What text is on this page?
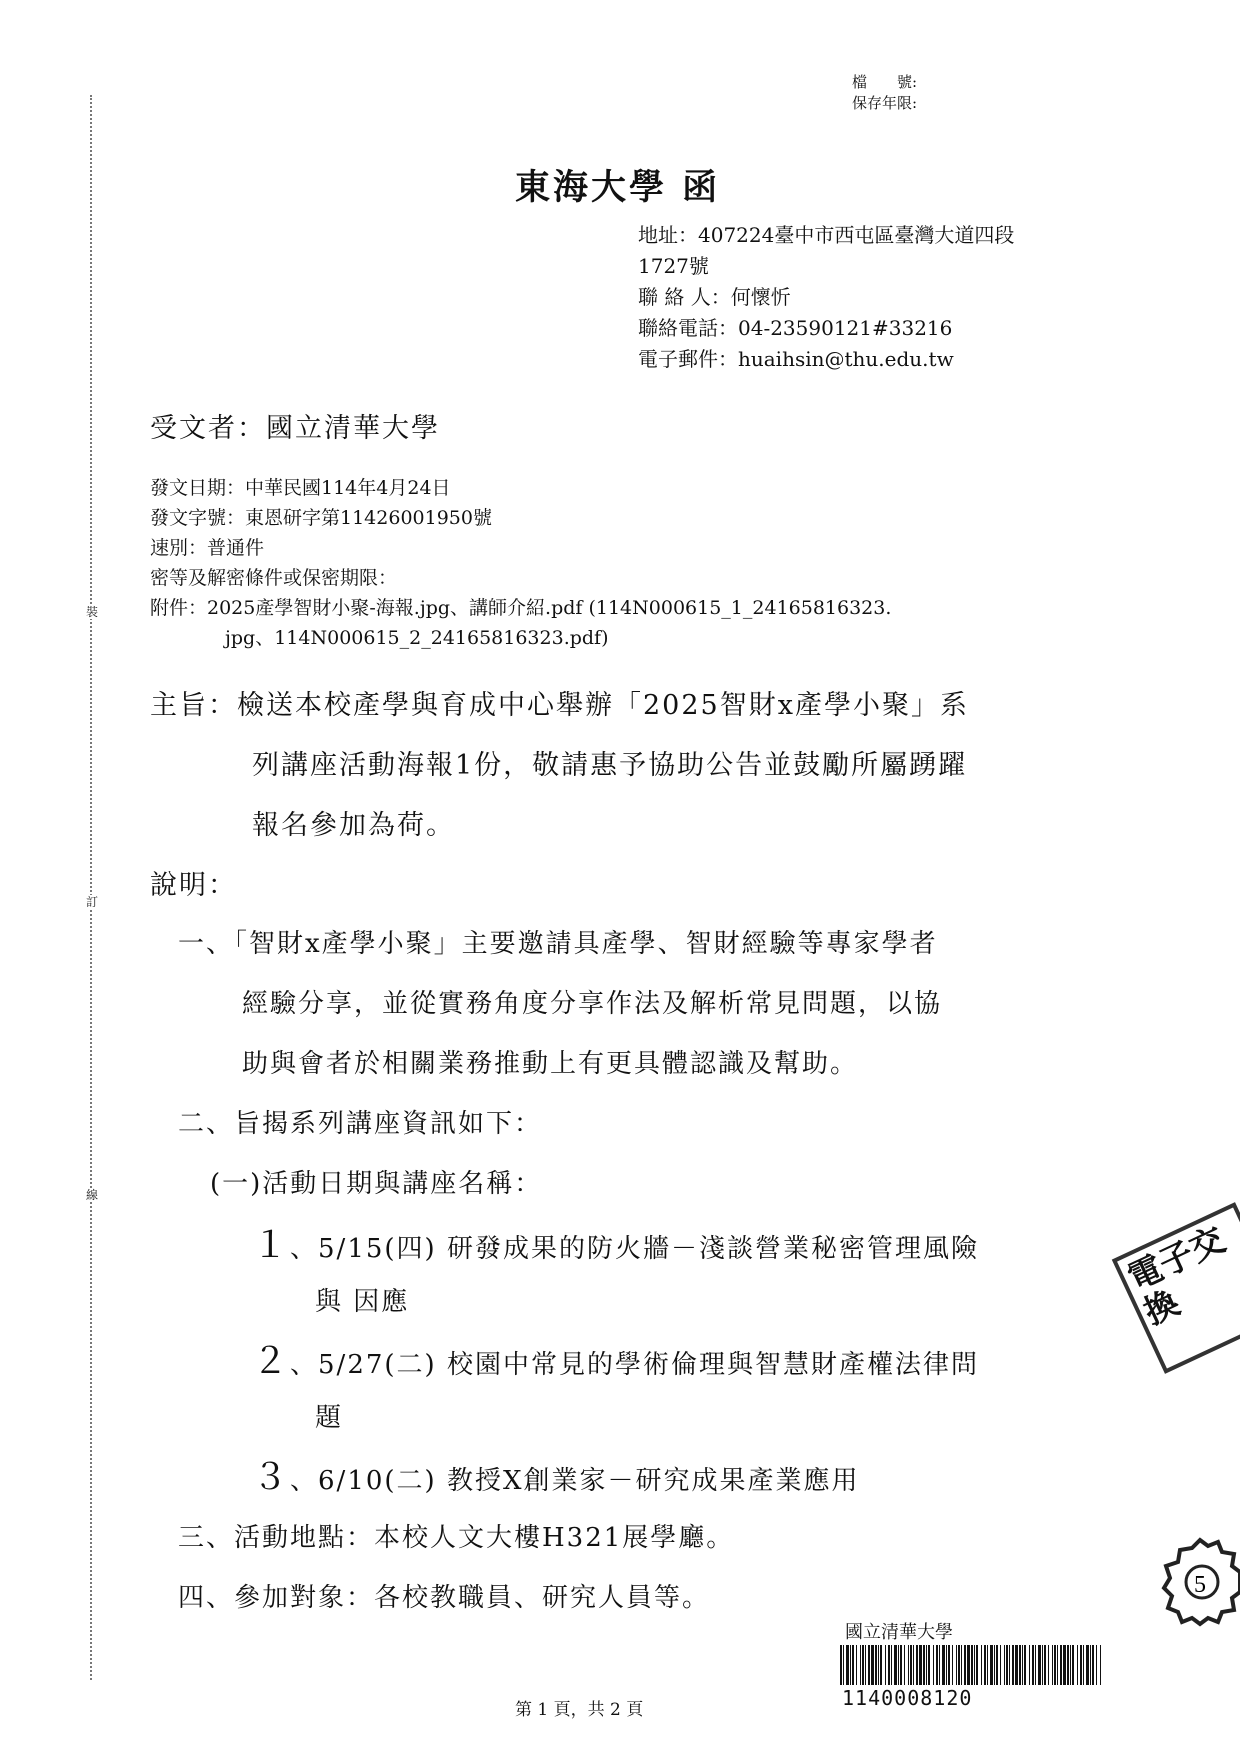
裝
訂
線
檔　　號:
保存年限:
東海大學 函
地址：407224臺中市西屯區臺灣大道四段
1727號
聯 絡 人：何懷忻
聯絡電話：04-23590121#33216
電子郵件：huaihsin@thu.edu.tw
受文者：國立清華大學
發文日期：中華民國114年4月24日
發文字號：東恩研字第11426001950號
速別：普通件
密等及解密條件或保密期限：
附件：2025產學智財小聚-海報.jpg、講師介紹.pdf (114N000615_1_24165816323.
jpg、114N000615_2_24165816323.pdf)
主旨：檢送本校產學與育成中心舉辦「2025智財x產學小聚」系
列講座活動海報1份，敬請惠予協助公告並鼓勵所屬踴躍
報名參加為荷。
說明：
一、「智財x產學小聚」主要邀請具產學、智財經驗等專家學者
經驗分享，並從實務角度分享作法及解析常見問題，以協
助與會者於相關業務推動上有更具體認識及幫助。
二、旨揭系列講座資訊如下：
(一)活動日期與講座名稱：
１、5/15(四) 研發成果的防火牆－淺談營業秘密管理風險
與 因應
２、5/27(二) 校園中常見的學術倫理與智慧財產權法律問
題
３、6/10(二) 教授X創業家－研究成果產業應用
三、活動地點：本校人文大樓H321展學廳。
四、參加對象：各校教職員、研究人員等。
電子交換
5
國立清華大學
1140008120
第 1 頁，共 2 頁
